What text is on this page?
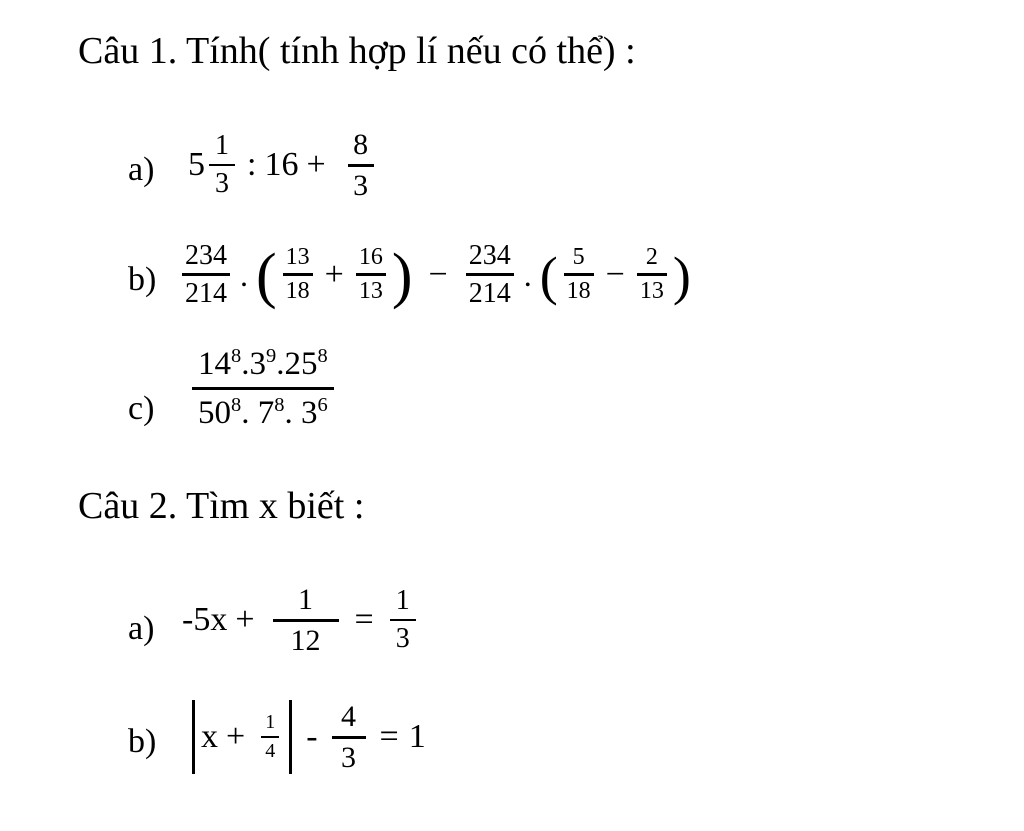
Câu 1. Tính( tính hợp lí nếu có thể) :
a) $5 \frac{1}{3}$ : $16 + \frac{8}{3}$
$b) \frac{234}{214}$ . ( $\frac{13}{18} + \frac{16}{13}$ ) − $\frac{234}{214}$ . ( $\frac{5}{18} - \frac{2}{13}$ )
c)
$14^8.3^9.25^8$
$50^8$. $7^8$. $3^6$
Câu 2. Tìm x biết :
a) $-5x + \frac{1}{12} = \frac{1}{3}$
b) $x + \frac{1}{4} - \frac{4}{3} = 1$
